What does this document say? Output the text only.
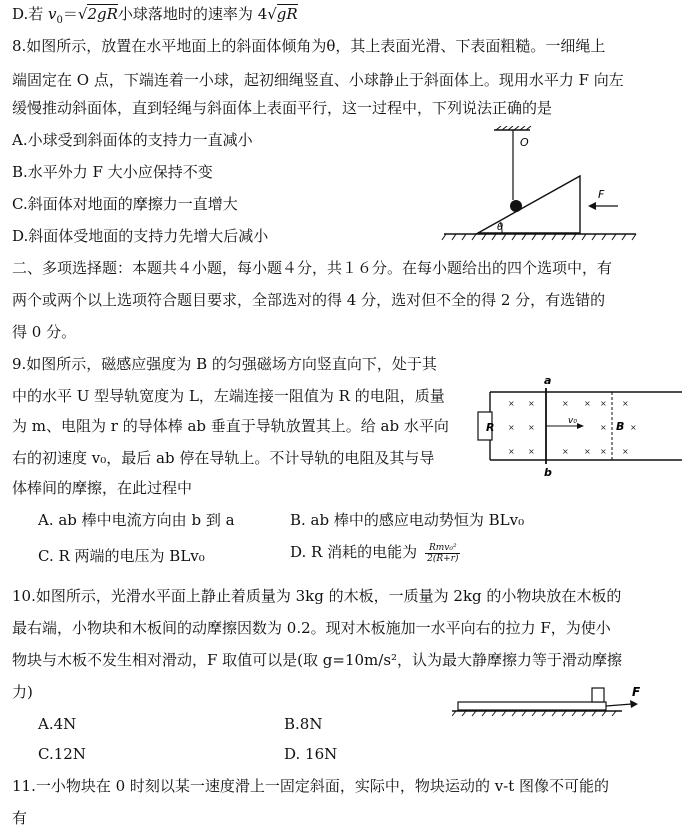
D.若 $v_0=√2gR$小球落地时的速率为 4√gR
8.如图所示，放置在水平地面上的斜面体倾角为θ，其上表面光滑、下表面粗糙。一细绳上
端固定在 O 点，下端连着一小球，起初细绳竖直、小球静止于斜面体上。现用水平力 F 向左
缓慢推动斜面体，直到轻绳与斜面体上表面平行，这一过程中，下列说法正确的是
A.小球受到斜面体的支持力一直减小
B.水平外力 F 大小应保持不变
C.斜面体对地面的摩擦力一直增大
D.斜面体受地面的支持力先增大后减小
O
θ
F
二、多项选择题：本题共４小题，每小题４分，共１６分。在每小题给出的四个选项中，有
两个或两个以上选项符合题目要求，全部选对的得 4 分，选对但不全的得 2 分，有选错的
得 0 分。
9.如图所示，磁感应强度为 B 的匀强磁场方向竖直向下，处于其
中的水平 U 型导轨宽度为 L，左端连接一阻值为 R 的电阻，质量
为 m、电阻为 r 的导体棒 ab 垂直于导轨放置其上。给 ab 水平向
右的初速度 v₀，最后 ab 停在导轨上。不计导轨的电阻及其与导
体棒间的摩擦，在此过程中
a
R
b
v₀	B
× ×	× × × ×
× ×	×	×
× ×	× × × ×
A. ab 棒中电流方向由 b 到 a	B. ab 棒中的感应电动势恒为 BLv₀
C. R 两端的电压为 BLv₀	D. R 消耗的电能为 $\frac{\text{Rmv₀²}}{2(R+r)}$
10.如图所示，光滑水平面上静止着质量为 3kg 的木板，一质量为 2kg 的小物块放在木板的
最右端，小物块和木板间的动摩擦因数为 0.2。现对木板施加一水平向右的拉力 F，为使小
物块与木板不发生相对滑动，F 取值可以是(取 g=10m/s²，认为最大静摩擦力等于滑动摩擦
力)	F
A.4N	B.8N
C.12N	D. 16N
11.一小物块在 0 时刻以某一速度滑上一固定斜面，实际中，物块运动的 v-t 图像不可能的
有
